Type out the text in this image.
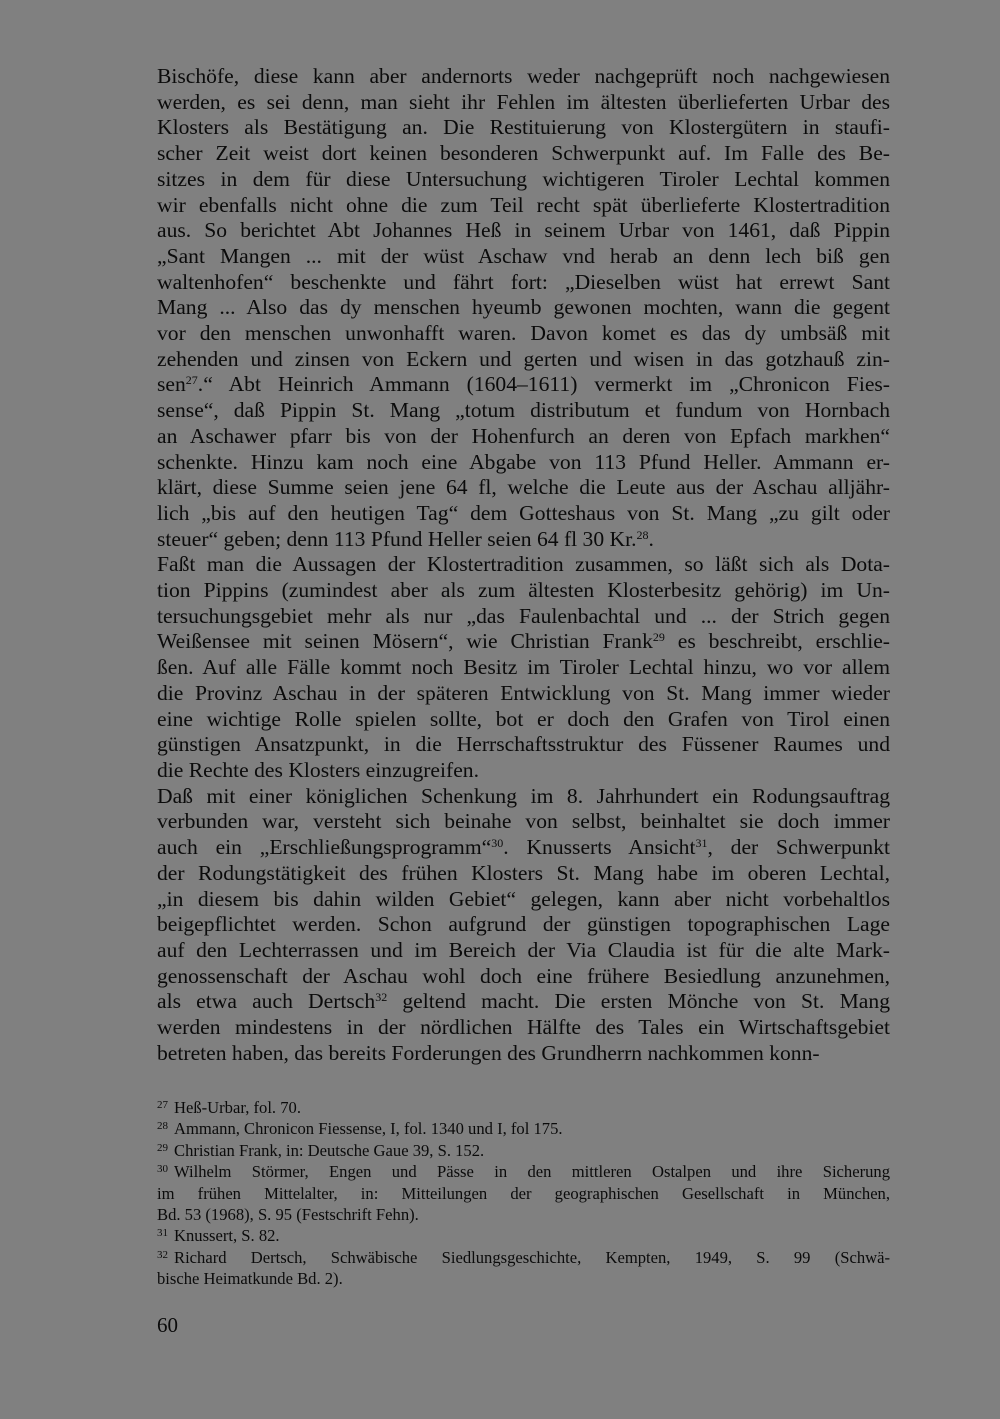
Bischöfe, diese kann aber andernorts weder nachgeprüft noch nachgewiesen
werden, es sei denn, man sieht ihr Fehlen im ältesten überlieferten Urbar des
Klosters als Bestätigung an. Die Restituierung von Klostergütern in staufi-
scher Zeit weist dort keinen besonderen Schwerpunkt auf. Im Falle des Be-
sitzes in dem für diese Untersuchung wichtigeren Tiroler Lechtal kommen
wir ebenfalls nicht ohne die zum Teil recht spät überlieferte Klostertradition
aus. So berichtet Abt Johannes Heß in seinem Urbar von 1461, daß Pippin
„Sant Mangen ... mit der wüst Aschaw vnd herab an denn lech biß gen
waltenhofen“ beschenkte und fährt fort: „Dieselben wüst hat errewt Sant
Mang ... Also das dy menschen hyeumb gewonen mochten, wann die gegent
vor den menschen unwonhafft waren. Davon komet es das dy umbsäß mit
zehenden und zinsen von Eckern und gerten und wisen in das gotzhauß zin-
sen$^{27}$.“ Abt Heinrich Ammann (1604–1611) vermerkt im „Chronicon Fies-
sense“, daß Pippin St. Mang „totum distributum et fundum von Hornbach
an Aschawer pfarr bis von der Hohenfurch an deren von Epfach markhen“
schenkte. Hinzu kam noch eine Abgabe von 113 Pfund Heller. Ammann er-
klärt, diese Summe seien jene 64 fl, welche die Leute aus der Aschau alljähr-
lich „bis auf den heutigen Tag“ dem Gotteshaus von St. Mang „zu gilt oder
steuer“ geben; denn 113 Pfund Heller seien 64 fl 30 Kr.$^{28}$.
Faßt man die Aussagen der Klostertradition zusammen, so läßt sich als Dota-
tion Pippins (zumindest aber als zum ältesten Klosterbesitz gehörig) im Un-
tersuchungsgebiet mehr als nur „das Faulenbachtal und ... der Strich gegen
Weißensee mit seinen Mösern“, wie Christian Frank$^{29}$ es beschreibt, erschlie-
ßen. Auf alle Fälle kommt noch Besitz im Tiroler Lechtal hinzu, wo vor allem
die Provinz Aschau in der späteren Entwicklung von St. Mang immer wieder
eine wichtige Rolle spielen sollte, bot er doch den Grafen von Tirol einen
günstigen Ansatzpunkt, in die Herrschaftsstruktur des Füssener Raumes und
die Rechte des Klosters einzugreifen.
Daß mit einer königlichen Schenkung im 8. Jahrhundert ein Rodungsauftrag
verbunden war, versteht sich beinahe von selbst, beinhaltet sie doch immer
auch ein „Erschließungsprogramm“$^{30}$. Knusserts Ansicht$^{31}$, der Schwerpunkt
der Rodungstätigkeit des frühen Klosters St. Mang habe im oberen Lechtal,
„in diesem bis dahin wilden Gebiet“ gelegen, kann aber nicht vorbehaltlos
beigepflichtet werden. Schon aufgrund der günstigen topographischen Lage
auf den Lechterrassen und im Bereich der Via Claudia ist für die alte Mark-
genossenschaft der Aschau wohl doch eine frühere Besiedlung anzunehmen,
als etwa auch Dertsch$^{32}$ geltend macht. Die ersten Mönche von St. Mang
werden mindestens in der nördlichen Hälfte des Tales ein Wirtschaftsgebiet
betreten haben, das bereits Forderungen des Grundherrn nachkommen konn-
$^{27}$ Heß-Urbar, fol. 70.
$^{28}$ Ammann, Chronicon Fiessense, I, fol. 1340 und I, fol 175.
$^{29}$ Christian Frank, in: Deutsche Gaue 39, S. 152.
$^{30}$ Wilhelm Störmer, Engen und Pässe in den mittleren Ostalpen und ihre Sicherung
im frühen Mittelalter, in: Mitteilungen der geographischen Gesellschaft in München,
Bd. 53 (1968), S. 95 (Festschrift Fehn).
$^{31}$ Knussert, S. 82.
$^{32}$ Richard Dertsch, Schwäbische Siedlungsgeschichte, Kempten, 1949, S. 99 (Schwä-
bische Heimatkunde Bd. 2).
60
